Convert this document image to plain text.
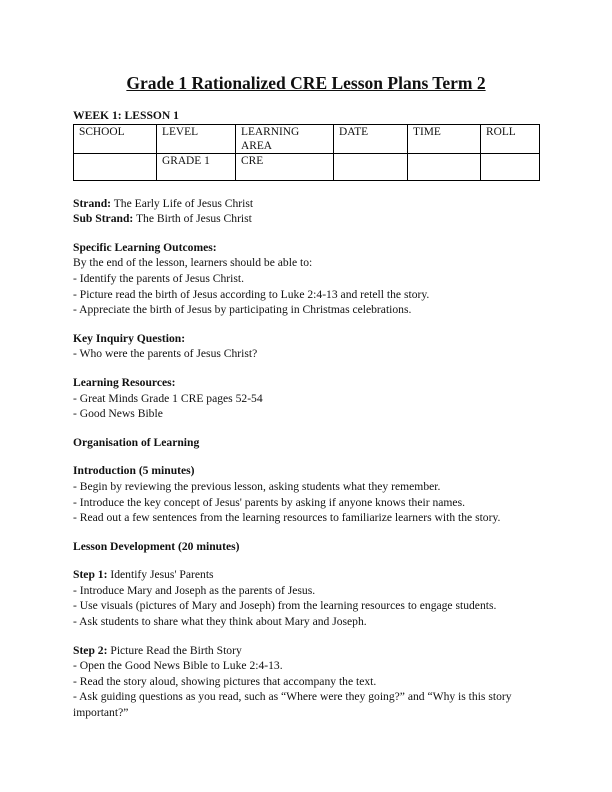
Grade 1 Rationalized CRE Lesson Plans Term 2
WEEK 1: LESSON 1
SCHOOL	LEVEL	LEARNING AREA	DATE	TIME	ROLL
	GRADE 1	CRE			

Strand: The Early Life of Jesus Christ

Sub Strand: The Birth of Jesus Christ

Specific Learning Outcomes:

By the end of the lesson, learners should be able to:

- Identify the parents of Jesus Christ.

- Picture read the birth of Jesus according to Luke 2:4-13 and retell the story.

- Appreciate the birth of Jesus by participating in Christmas celebrations.

Key Inquiry Question:

- Who were the parents of Jesus Christ?

Learning Resources:

- Great Minds Grade 1 CRE pages 52-54

- Good News Bible

Organisation of Learning

Introduction (5 minutes)

- Begin by reviewing the previous lesson, asking students what they remember.

- Introduce the key concept of Jesus' parents by asking if anyone knows their names.

- Read out a few sentences from the learning resources to familiarize learners with the story.

Lesson Development (20 minutes)

Step 1: Identify Jesus' Parents

- Introduce Mary and Joseph as the parents of Jesus.

- Use visuals (pictures of Mary and Joseph) from the learning resources to engage students.

- Ask students to share what they think about Mary and Joseph.

Step 2: Picture Read the Birth Story

- Open the Good News Bible to Luke 2:4-13.

- Read the story aloud, showing pictures that accompany the text.

- Ask guiding questions as you read, such as “Where were they going?” and “Why is this story important?”
